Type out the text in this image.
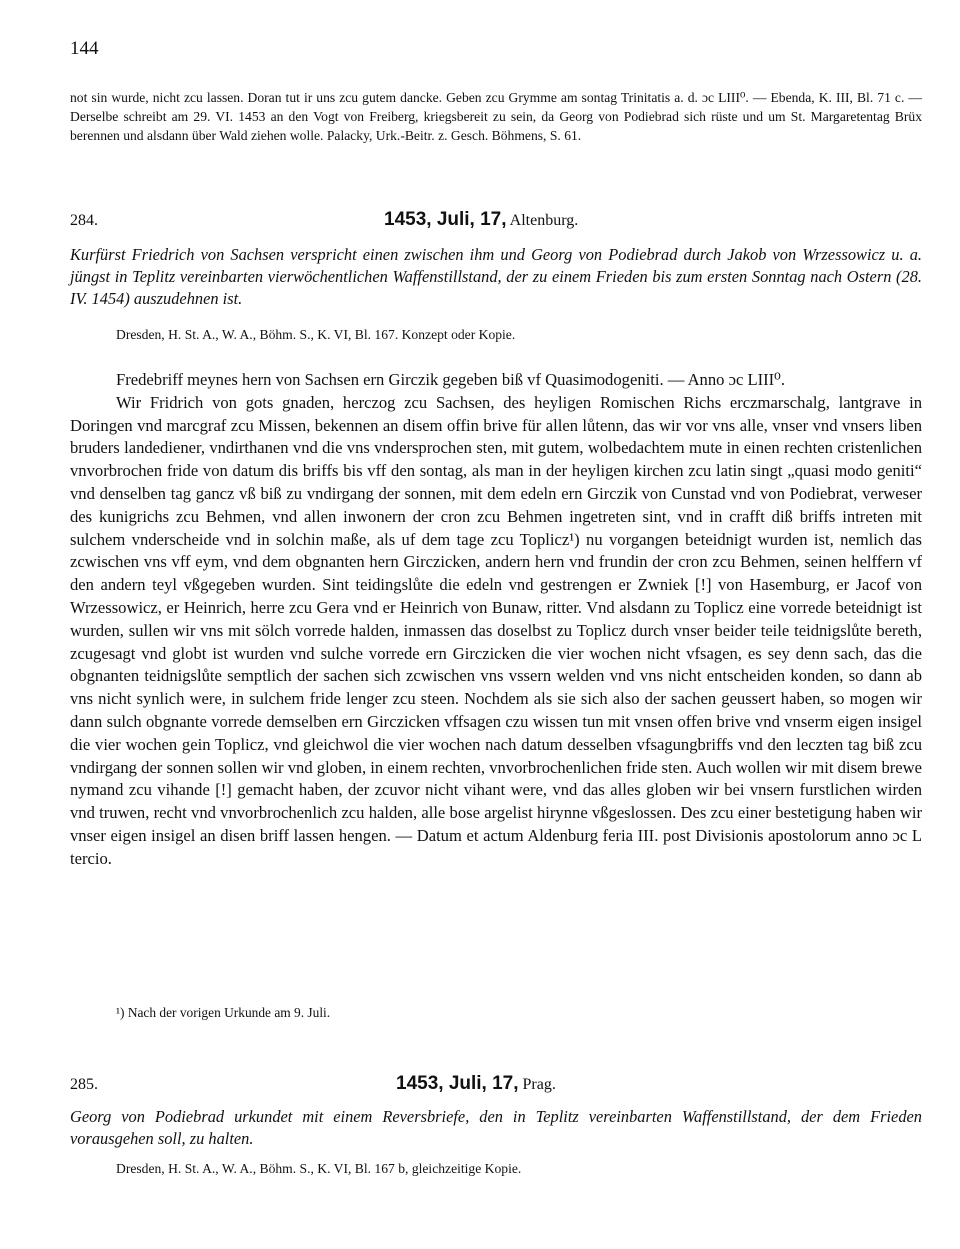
144
not sin wurde, nicht zcu lassen. Doran tut ir uns zcu gutem dancke. Geben zcu Grymme am sontag Trinitatis a. d. ɔc LIII⁰. — Ebenda, K. III, Bl. 71 c. — Derselbe schreibt am 29. VI. 1453 an den Vogt von Freiberg, kriegsbereit zu sein, da Georg von Podiebrad sich rüste und um St. Margaretentag Brüx berennen und alsdann über Wald ziehen wolle. Palacky, Urk.-Beitr. z. Gesch. Böhmens, S. 61.
284.	1453, Juli, 17, Altenburg.
Kurfürst Friedrich von Sachsen verspricht einen zwischen ihm und Georg von Podiebrad durch Jakob von Wrzessowicz u. a. jüngst in Teplitz vereinbarten vierwöchentlichen Waffenstillstand, der zu einem Frieden bis zum ersten Sonntag nach Ostern (28. IV. 1454) auszudehnen ist.
Dresden, H. St. A., W. A., Böhm. S., K. VI, Bl. 167. Konzept oder Kopie.

Fredebriff meynes hern von Sachsen ern Girczik gegeben biß vf Quasimodogeniti. — Anno ɔc LIII⁰.

Wir Fridrich von gots gnaden, herczog zcu Sachsen, des heyligen Romischen Richs erczmarschalg, lantgrave in Doringen vnd marcgraf zcu Missen, bekennen an disem offin brive für allen lůtenn, das wir vor vns alle, vnser vnd vnsers liben bruders landediener, vndirthanen vnd die vns vndersprochen sten, mit gutem, wolbedachtem mute in einen rechten cristenlichen vnvorbrochen fride von datum dis briffs bis vff den sontag, als man in der heyligen kirchen zcu latin singt „quasi modo geniti“ vnd denselben tag gancz vß biß zu vndirgang der sonnen, mit dem edeln ern Girczik von Cunstad vnd von Podiebrat, verweser des kunigrichs zcu Behmen, vnd allen inwonern der cron zcu Behmen ingetreten sint, vnd in crafft diß briffs intreten mit sulchem vnderscheide vnd in solchin maße, als uf dem tage zcu Toplicz¹) nu vorgangen beteidnigt wurden ist, nemlich das zcwischen vns vff eym, vnd dem obgnanten hern Girczicken, andern hern vnd frundin der cron zcu Behmen, seinen helffern vf den andern teyl vßgegeben wurden. Sint teidingslůte die edeln vnd gestrengen er Zwniek [!] von Hasemburg, er Jacof von Wrzessowicz, er Heinrich, herre zcu Gera vnd er Heinrich von Bunaw, ritter. Vnd alsdann zu Toplicz eine vorrede beteidnigt ist wurden, sullen wir vns mit sölch vorrede halden, inmassen das doselbst zu Toplicz durch vnser beider teile teidnigslůte bereth, zcugesagt vnd globt ist wurden vnd sulche vorrede ern Girczicken die vier wochen nicht vfsagen, es sey denn sach, das die obgnanten teidnigslůte semptlich der sachen sich zcwischen vns vssern welden vnd vns nicht entscheiden konden, so dann ab vns nicht synlich were, in sulchem fride lenger zcu steen. Nochdem als sie sich also der sachen geussert haben, so mogen wir dann sulch obgnante vorrede demselben ern Girczicken vffsagen czu wissen tun mit vnsen offen brive vnd vnserm eigen insigel die vier wochen gein Toplicz, vnd gleichwol die vier wochen nach datum desselben vfsagungbriffs vnd den leczten tag biß zcu vndirgang der sonnen sollen wir vnd globen, in einem rechten, vnvorbrochenlichen fride sten. Auch wollen wir mit disem brewe nymand zcu vihande [!] gemacht haben, der zcuvor nicht vihant were, vnd das alles globen wir bei vnsern furstlichen wirden vnd truwen, recht vnd vnvorbrochenlich zcu halden, alle bose argelist hirynne vßgeslossen. Des zcu einer bestetigung haben wir vnser eigen insigel an disen briff lassen hengen. — Datum et actum Aldenburg feria III. post Divisionis apostolorum anno ɔc L tercio.

¹) Nach der vorigen Urkunde am 9. Juli.
285.	1453, Juli, 17, Prag.
Georg von Podiebrad urkundet mit einem Reversbriefe, den in Teplitz vereinbarten Waffenstillstand, der dem Frieden vorausgehen soll, zu halten.
Dresden, H. St. A., W. A., Böhm. S., K. VI, Bl. 167 b, gleichzeitige Kopie.
